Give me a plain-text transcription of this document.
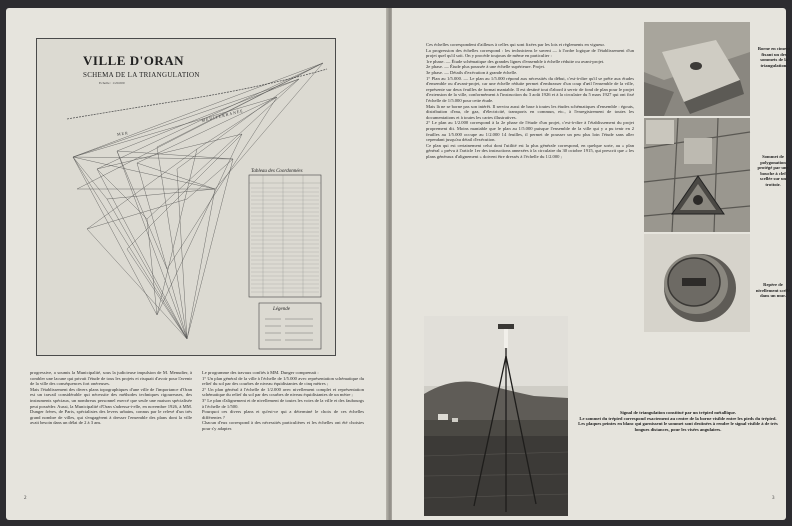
VILLE D'ORAN
SCHEMA DE LA TRIANGULATION
Echelle : 1/20.000
Tableau des Coordonnées
Légende
MÉDITERRANÉE
MER
progressive, a soumis la Municipalité, sous la judicieuse impulsion de M. Menudier, à combler une lacune qui privait l'étude de tous les projets et risquait d'avoir pour l'avenir de la ville des conséquences fort onéreuses.
Mais l'établissement des divers plans topographiques d'une ville de l'importance d'Oran est un travail considérable qui nécessite des méthodes techniques rigoureuses, des instruments spéciaux, un nombreux personnel exercé que seule une maison spécialisée peut posséder. Aussi, la Municipalité d'Oran s'adressa-t-elle, en novembre 1926, à MM. Dunger frères, de Paris, spécialistes des levers urbains, connus par le relevé d'un très grand nombre de villes, qui s'engagèrent à dresser l'ensemble des plans dont la ville avait besoin dans un délai de 2 à 3 ans.
Le programme des travaux confiés à MM. Dunger comprenait :
1° Un plan général de la ville à l'échelle de 1/5.000 avec représentation schématique du relief du sol par des courbes de niveau équidistantes de cinq mètres ;
2° Un plan général à l'échelle de 1/2.000 avec nivellement complet et représentation schématique du relief du sol par des courbes de niveau équidistantes de un mètre ;
3° Le plan d'alignement et de nivellement de toutes les voies de la ville et des faubourgs à l'échelle de 1/500.
Pourquoi ces divers plans et qu'est-ce qui a déterminé le choix de ces échelles différentes ?
Chacun d'eux correspond à des nécessités particulières et les échelles ont été choisies pour s'y adapter.
2
Ces échelles correspondent d'ailleurs à celles qui sont fixées par les lois et règlements en vigueur.
La progression des échelles correspond : les techniciens le savent — à l'ordre logique de l'établissement d'un projet quel qu'il soit. On y procède toujours de même en particulier :
1re phase. — Étude schématique des grandes lignes d'ensemble à échelle réduite ou avant-projet.
2e phase. — Étude plus poussée à une échelle supérieure. Projet.
3e phase. — Détails d'exécution à grande échelle.
1° Plan au 1/5.000. — Le plan au 1/5.000 répond aux nécessités du début, c'est-à-dire qu'il se prête aux études d'ensemble ou d'avant-projet, car une échelle réduite permet d'embrasser d'un coup d'œil l'ensemble de la ville, représente sur deux feuilles de format maniable. Il est destiné tout d'abord à servir de fond de plan pour le projet d'extension de la ville, conformément à l'instruction du 3 août 1926 et à la circulaire du 5 mars 1927 qui ont fixé l'échelle de 1/5.000 pour cette étude.
Mais là ne se borne pas son intérêt. Il servira aussi de base à toutes les études schématiques d'ensemble : égouts, distribution d'eau, de gaz, d'électricité, transports en commun, etc., à l'enregistrement de toutes les documentations et à toutes les cartes illustratives.
2° Le plan au 1/2.000 correspond à la 2e phase de l'étude d'un projet, c'est-à-dire à l'établissement du projet proprement dit. Moins maniable que le plan au 1/5.000 puisque l'ensemble de la ville qui y a pu tenir en 2 feuilles au 1/5.000 occupe au 1/2.000 14 feuilles, il permet de pousser un peu plus loin l'étude sans aller cependant jusqu'au détail d'exécution.
Ce plan qui est certainement celui dont l'utilité est la plus générale correspond, en quelque sorte, au « plan général » prévu à l'article 1er des instructions annexées à la circulaire du 30 octobre 1915, qui prescrit que « les plans généraux d'alignement » doivent être dressés à l'échelle du 1/2.000 ;
Borne en ciment fixant un des sommets de la triangulation.
Sommet de polygonation protégé par une bouche à clef scellée sur un trottoir.
Repère de nivellement scellé dans un mur.
Signal de triangulation constitué par un trépied métallique.
Le sommet du trépied correspond exactement au centre de la borne visible entre les pieds du trépied. Les plaques peintes en blanc qui garnissent le sommet sont destinées à rendre le signal visible à de très longues distances, pour les visées angulaires.
3
